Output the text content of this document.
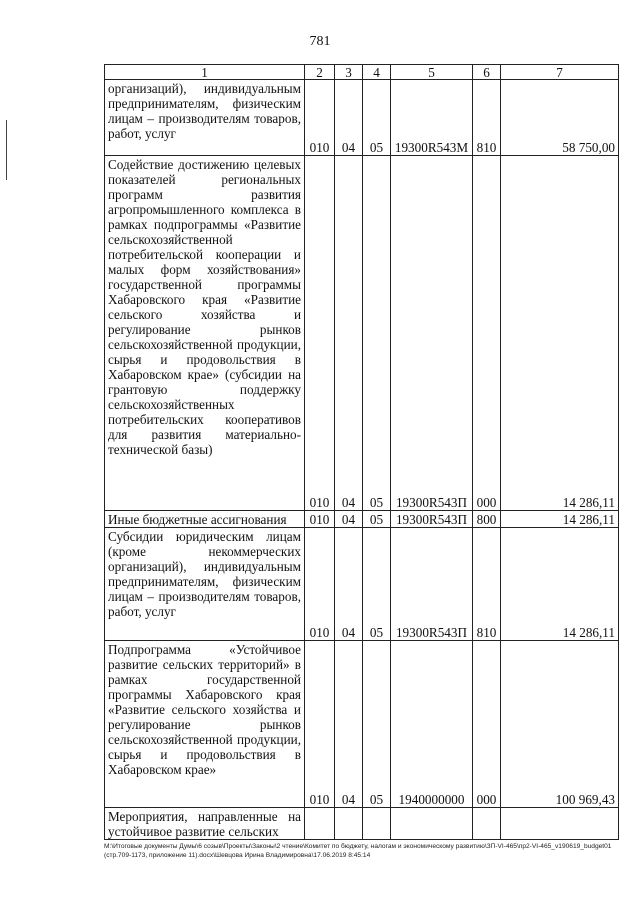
781
1	2	3	4	5	6	7
организаций), индивидуальным предпринимателям, физическим лицам – производителям товаров, работ, услуг	010	04	05	19300R543М	810	58 750,00
Содействие достижению целевых показателей региональных программ развития агропромышленного комплекса в рамках подпрограммы «Развитие сельскохозяйственной потребительской кооперации и малых форм хозяйствования» государственной программы Хабаровского края «Развитие сельского хозяйства и регулирование рынков сельскохозяйственной продукции, сырья и продовольствия в Хабаровском крае» (субсидии на грантовую поддержку сельскохозяйственных потребительских кооперативов для развития материально-технической базы)	010	04	05	19300R543П	000	14 286,11
Иные бюджетные ассигнования	010	04	05	19300R543П	800	14 286,11
Субсидии юридическим лицам (кроме некоммерческих организаций), индивидуальным предпринимателям, физическим лицам – производителям товаров, работ, услуг	010	04	05	19300R543П	810	14 286,11
Подпрограмма «Устойчивое развитие сельских территорий» в рамках государственной программы Хабаровского края «Развитие сельского хозяйства и регулирование рынков сельскохозяйственной продукции, сырья и продовольствия в Хабаровском крае»	010	04	05	1940000000	000	100 969,43
Мероприятия, направленные на устойчивое развитие сельских						
М:\Итоговые документы Думы\6 созыв\Проекты\Законы\2 чтение\Комитет по бюджету, налогам и экономическому развитию\ЗП-VI-465\пр2-VI-465_v190619_budget01 (стр.709-1173, приложение 11).docx\Шевцова Ирина Владимировна\17.06.2019 8:45:14
